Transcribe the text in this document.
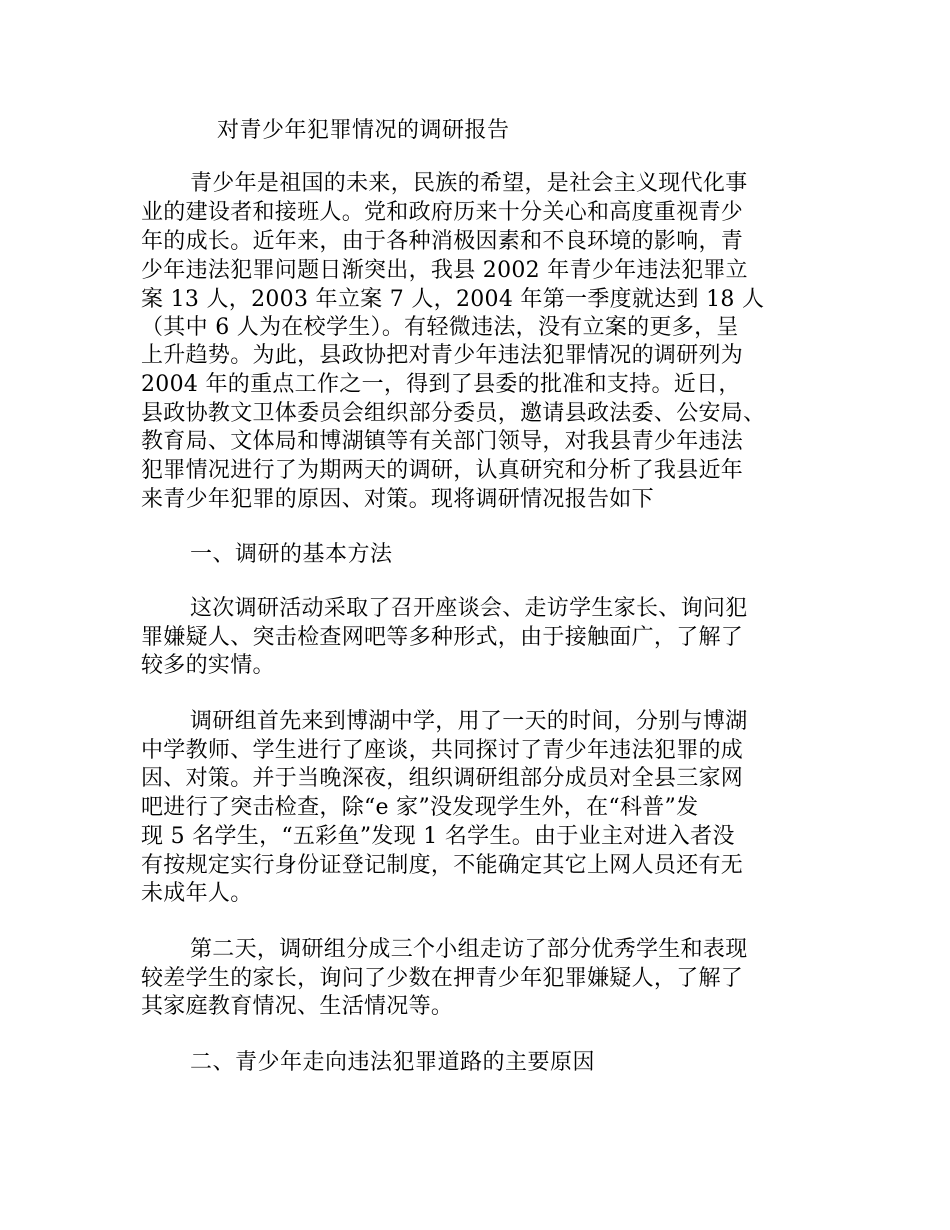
对青少年犯罪情况的调研报告
青少年是祖国的未来，民族的希望，是社会主义现代化事
业的建设者和接班人。党和政府历来十分关心和高度重视青少
年的成长。近年来，由于各种消极因素和不良环境的影响，青
少年违法犯罪问题日渐突出，我县 2002 年青少年违法犯罪立
案 13 人，2003 年立案 7 人，2004 年第一季度就达到 18 人
（其中 6 人为在校学生）。有轻微违法，没有立案的更多，呈
上升趋势。为此，县政协把对青少年违法犯罪情况的调研列为
2004 年的重点工作之一，得到了县委的批准和支持。近日，
县政协教文卫体委员会组织部分委员，邀请县政法委、公安局、
教育局、文体局和博湖镇等有关部门领导，对我县青少年违法
犯罪情况进行了为期两天的调研，认真研究和分析了我县近年
来青少年犯罪的原因、对策。现将调研情况报告如下
一、调研的基本方法
这次调研活动采取了召开座谈会、走访学生家长、询问犯
罪嫌疑人、突击检查网吧等多种形式，由于接触面广，了解了
较多的实情。
调研组首先来到博湖中学，用了一天的时间，分别与博湖
中学教师、学生进行了座谈，共同探讨了青少年违法犯罪的成
因、对策。并于当晚深夜，组织调研组部分成员对全县三家网
吧进行了突击检查，除“e 家”没发现学生外，在“科普”发
现 5 名学生，“五彩鱼”发现 1 名学生。由于业主对进入者没
有按规定实行身份证登记制度，不能确定其它上网人员还有无
未成年人。
第二天，调研组分成三个小组走访了部分优秀学生和表现
较差学生的家长，询问了少数在押青少年犯罪嫌疑人，了解了
其家庭教育情况、生活情况等。
二、青少年走向违法犯罪道路的主要原因
